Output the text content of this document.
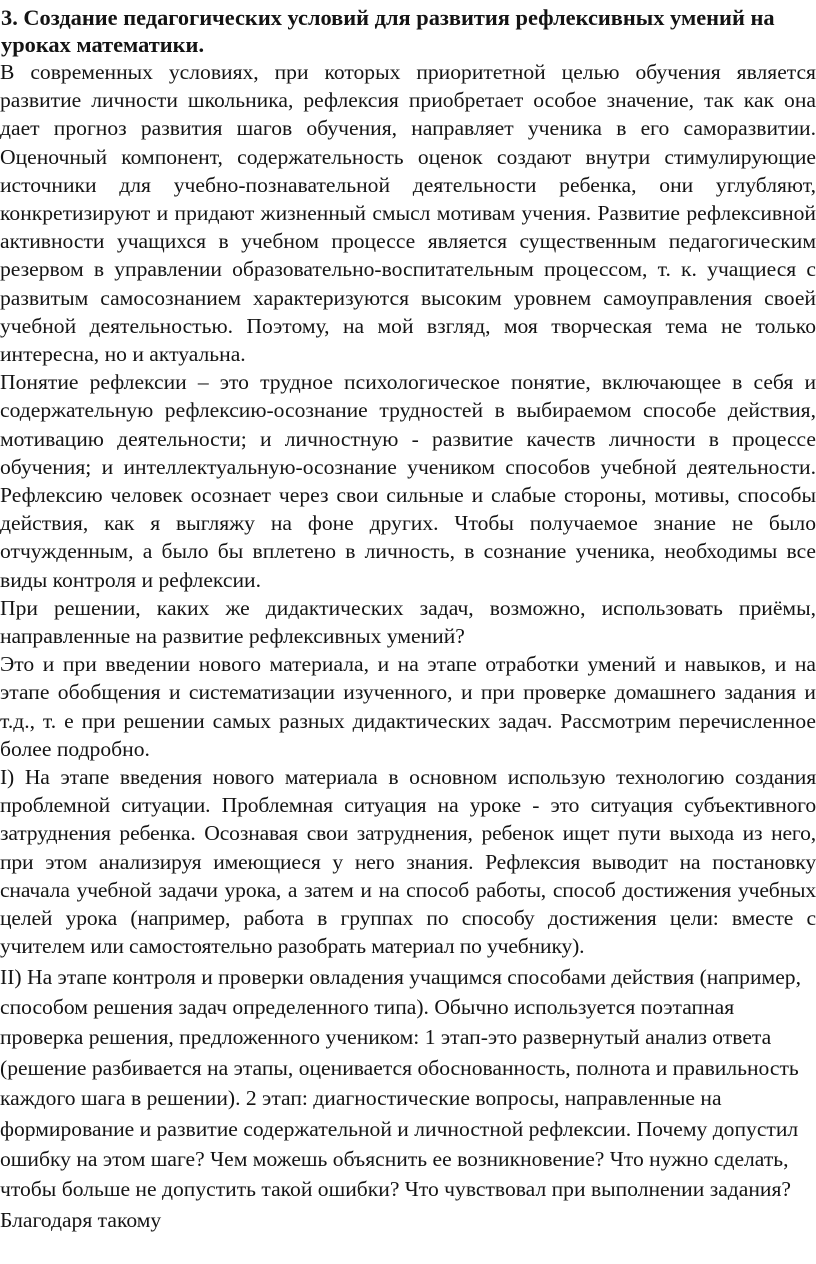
3. Создание педагогических условий для развития рефлексивных умений на уроках математики.

В современных условиях, при которых приоритетной целью обучения является развитие личности школьника, рефлексия приобретает особое значение, так как она дает прогноз развития шагов обучения, направляет ученика в его саморазвитии. Оценочный компонент, содержательность оценок создают внутри стимулирующие источники для учебно-познавательной деятельности ребенка, они углубляют, конкретизируют и придают жизненный смысл мотивам учения. Развитие рефлексивной активности учащихся в учебном процессе является существенным педагогическим резервом в управлении образовательно-воспитательным процессом, т. к. учащиеся с развитым самосознанием характеризуются высоким уровнем самоуправления своей учебной деятельностью. Поэтому, на мой взгляд, моя творческая тема не только интересна, но и актуальна.

Понятие рефлексии – это трудное психологическое понятие, включающее в себя и содержательную рефлексию-осознание трудностей в выбираемом способе действия, мотивацию деятельности; и личностную - развитие качеств личности в процессе обучения; и интеллектуальную-осознание учеником способов учебной деятельности. Рефлексию человек осознает через свои сильные и слабые стороны, мотивы, способы действия, как я выгляжу на фоне других. Чтобы получаемое знание не было отчужденным, а было бы вплетено в личность, в сознание ученика, необходимы все виды контроля и рефлексии.

При решении, каких же дидактических задач, возможно, использовать приёмы, направленные на развитие рефлексивных умений?

Это и при введении нового материала, и на этапе отработки умений и навыков, и на этапе обобщения и систематизации изученного, и при проверке домашнего задания и т.д., т. е при решении самых разных дидактических задач. Рассмотрим перечисленное более подробно.

I) На этапе введения нового материала в основном использую технологию создания проблемной ситуации. Проблемная ситуация на уроке - это ситуация субъективного затруднения ребенка. Осознавая свои затруднения, ребенок ищет пути выхода из него, при этом анализируя имеющиеся у него знания. Рефлексия выводит на постановку сначала учебной задачи урока, а затем и на способ работы, способ достижения учебных целей урока (например, работа в группах по способу достижения цели: вместе с учителем или самостоятельно разобрать материал по учебнику).

II) На этапе контроля и проверки овладения учащимся способами действия (например, способом решения задач определенного типа). Обычно используется поэтапная проверка решения, предложенного учеником: 1 этап-это развернутый анализ ответа (решение разбивается на этапы, оценивается обоснованность, полнота и правильность каждого шага в решении). 2 этап: диагностические вопросы, направленные на формирование и развитие содержательной и личностной рефлексии. Почему допустил ошибку на этом шаге? Чем можешь объяснить ее возникновение? Что нужно сделать, чтобы больше не допустить такой ошибки? Что чувствовал при выполнении задания? Благодаря такому
